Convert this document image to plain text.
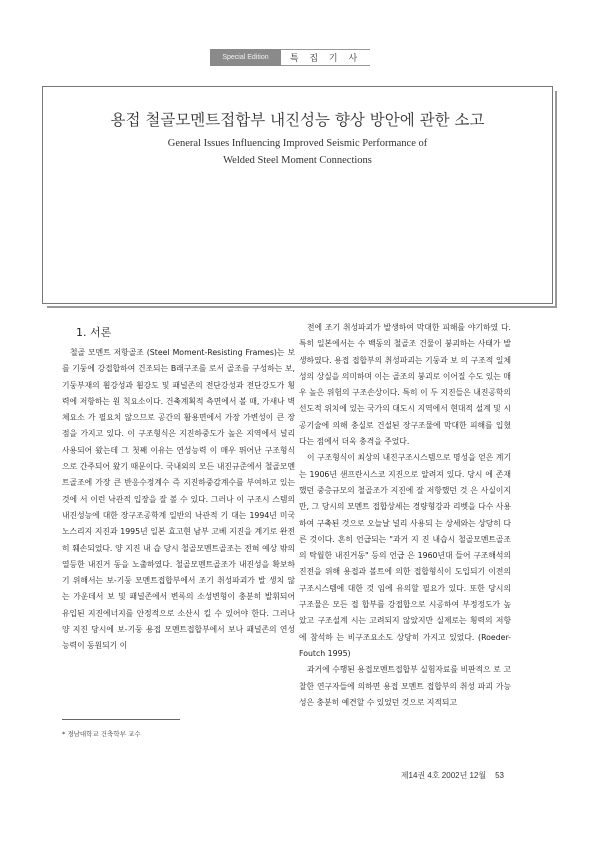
Special Edition	특 집 기 사
용접 철골모멘트접합부 내진성능 향상 방안에 관한 소고
General Issues Influencing Improved Seismic Performance of
Welded Steel Moment Connections
1. 서론

철골 모멘트 저항골조 (Steel Moment-Resisting Frames)는 보를 기둥에 강접합하여 건조되는 B래구조를 로서 골조를 구성하는 보, 기둥부재의 휨강성과 휨강도 및 패널존의 전단강성과 전단강도가 횡력에 저항하는 원 칙요소이다. 건축계획적 측면에서 볼 때, 가새나 벽체요소 가 필요치 않으므로 공간의 활용면에서 가장 가변성이 큰 장점을 가지고 있다. 이 구조형식은 지진하중도가 높은 지역에서 널리 사용되어 왔는데 그 첫째 이유는 연성능력 이 매우 뛰어난 구조형식으로 간주되어 왔기 때문이다. 국내외의 모든 내진규준에서 철골모멘트골조에 가장 큰 반응수정계수 즉 지진하중감계수를 부여하고 있는 것에 서 이런 낙관적 입장을 잘 볼 수 있다. 그러나 이 구조시 스템의 내진성능에 대한 장구조공학계 일반의 낙관적 기 대는 1994년 미국 노스리지 지진과 1995년 일본 효고현 남부 고베 지진을 계기로 완전히 훼손되었다. 양 지진 내 습 당시 철골모멘트골조는 전혀 예상 밖의 열등한 내진거 동을 노출하였다. 철골모멘트골조가 내진성을 확보하기 위해서는 보-기둥 모멘트접합부에서 조기 취성파괴가 발 생치 않는 가운데서 보 및 패널존에서 변록의 소성변형이 충분히 발휘되어 유입된 지진에너지를 안정적으로 소산시 킬 수 있어야 한다. 그러나 양 지진 당시에 보-기둥 용접 모멘트접합부에서 보나 패널존의 연성능력이 동원되기 이

전에 조기 취성파괴가 발생하여 막대한 피해를 야기하였 다. 특히 일본에서는 수 백동의 철골조 건물이 붕괴하는 사태가 발생하였다. 용접 접합부의 취성파괴는 기둥과 보 의 구조적 일체성의 상실을 의미하며 이는 골조의 붕괴로 이어질 수도 있는 매우 높은 위험의 구조손상이다. 특히 이 두 지진들은 내진공학의 선도적 위치에 있는 국가의 대도시 지역에서 현대적 설계 및 시공기술에 의해 충실로 건설된 장구조물에 막대한 피해를 입혔다는 점에서 더욱 충격을 주었다.

이 구조형식이 최상의 내진구조시스템으로 명성을 얻은 계기는 1906년 샌프란시스코 지진으로 알려져 있다. 당시 에 존재했던 중층규모의 철골조가 지진에 잘 저항했던 것 은 사실이지만, 그 당시의 모멘트 접합상세는 경량형강과 리벳을 다수 사용하여 구축된 것으로 오늘날 널리 사용되 는 상세와는 상당히 다른 것이다. 흔히 언급되는 "과거 지 진 내습시 철골모멘트골조의 탁월한 내진거동" 등의 언급 은 1960년대 들어 구조해석의 진전을 위해 용접과 볼트에 의한 접합형식이 도입되기 이전의 구조시스템에 대한 것 임에 유의할 필요가 있다. 또한 당시의 구조물은 모든 접 합부를 강접합으로 시공하여 부정정도가 높았고 구조설계 시는 고려되지 않았지만 실제로는 횡력의 저항에 참석하 는 비구조요소도 상당히 가지고 있었다. (Roeder-Foutch 1995)

과거에 수행된 용접모멘트접합부 실험자료를 비판적으 로 고찰한 연구자들에 의하면 용접 모멘트 접합부의 취성 파괴 가능성은 충분히 예견할 수 있었던 것으로 지적되고

* 경남대학교 건축학부 교수
제14권 4호 2002년 12월 53
